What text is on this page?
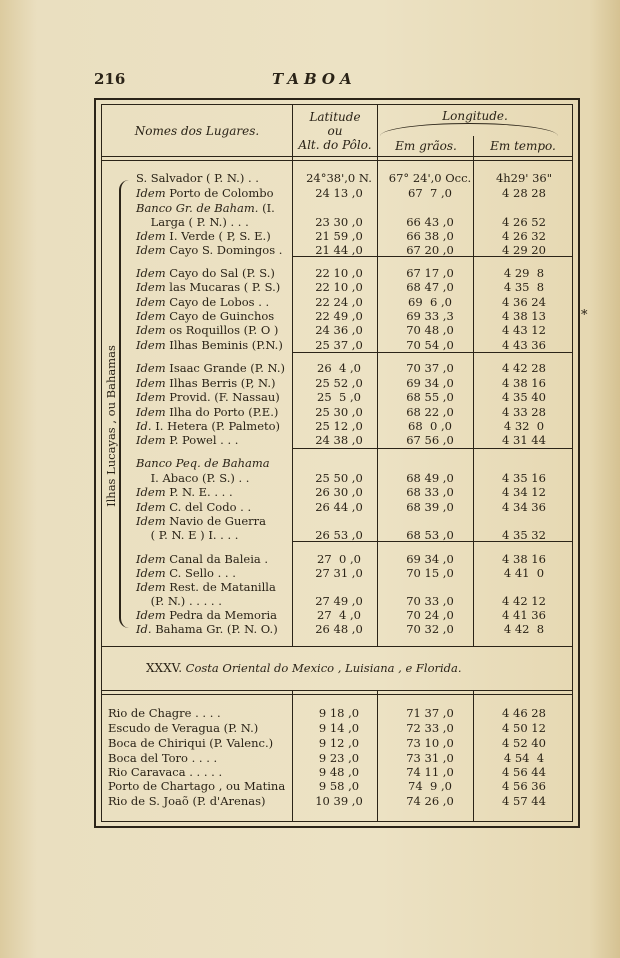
216	TABOA
Nomes dos Lugares.
Latitude
ou
Alt. do Pôlo.
Longitude.
Em grãos.	Em tempo.
Ilhas Lucayas , ou Bahamas
*
S. Salvador ( P. N.) . .	24°38',0 N.	67° 24',0 Occ.	4h29' 36"
Idem Porto de Colombo	24 13 ,0	67  7 ,0	4 28 28
Banco Gr. de Baham. (I.
Larga ( P. N.) . . .	23 30 ,0	66 43 ,0	4 26 52
Idem I. Verde ( P, S. E.)	21 59 ,0	66 38 ,0	4 26 32
Idem Cayo S. Domingos .	21 44 ,0	67 20 ,0	4 29 20
Idem Cayo do Sal (P. S.)	22 10 ,0	67 17 ,0	4 29  8
Idem las Mucaras ( P. S.)	22 10 ,0	68 47 ,0	4 35  8
Idem Cayo de Lobos . .	22 24 ,0	69  6 ,0	4 36 24
Idem Cayo de Guinchos	22 49 ,0	69 33 ,3	4 38 13
Idem os Roquillos (P. O )	24 36 ,0	70 48 ,0	4 43 12
Idem Ilhas Beminis (P.N.)	25 37 ,0	70 54 ,0	4 43 36
Idem Isaac Grande (P. N.)	26  4 ,0	70 37 ,0	4 42 28
Idem Ilhas Berris (P, N.)	25 52 ,0	69 34 ,0	4 38 16
Idem Provid. (F. Nassau)	25  5 ,0	68 55 ,0	4 35 40
Idem Ilha do Porto (P.E.)	25 30 ,0	68 22 ,0	4 33 28
Id. I. Hetera (P. Palmeto)	25 12 ,0	68  0 ,0	4 32  0
Idem P. Powel . . .	24 38 ,0	67 56 ,0	4 31 44
Banco Peq. de Bahama
I. Abaco (P. S.) . .	25 50 ,0	68 49 ,0	4 35 16
Idem P. N. E. . . .	26 30 ,0	68 33 ,0	4 34 12
Idem C. del Codo . .	26 44 ,0	68 39 ,0	4 34 36
Idem Navio de Guerra
( P. N. E ) I. . . .	26 53 ,0	68 53 ,0	4 35 32
Idem Canal da Baleia .	27  0 ,0	69 34 ,0	4 38 16
Idem C. Sello . . .	27 31 ,0	70 15 ,0	4 41  0
Idem Rest. de Matanilla
(P. N.) . . . . .	27 49 ,0	70 33 ,0	4 42 12
Idem Pedra da Memoria	27  4 ,0	70 24 ,0	4 41 36
Id. Bahama Gr. (P. N. O.)	26 48 ,0	70 32 ,0	4 42  8
XXXV. Costa Oriental do Mexico , Luisiana , e Florida.
Rio de Chagre . . . .	9 18 ,0	71 37 ,0	4 46 28
Escudo de Veragua (P. N.)	9 14 ,0	72 33 ,0	4 50 12
Boca de Chiriqui (P. Valenc.)	9 12 ,0	73 10 ,0	4 52 40
Boca del Toro . . . .	9 23 ,0	73 31 ,0	4 54  4
Rio Caravaca . . . . .	9 48 ,0	74 11 ,0	4 56 44
Porto de Chartago , ou Matina	9 58 ,0	74  9 ,0	4 56 36
Rio de S. Joaõ (P. d'Arenas)	10 39 ,0	74 26 ,0	4 57 44
